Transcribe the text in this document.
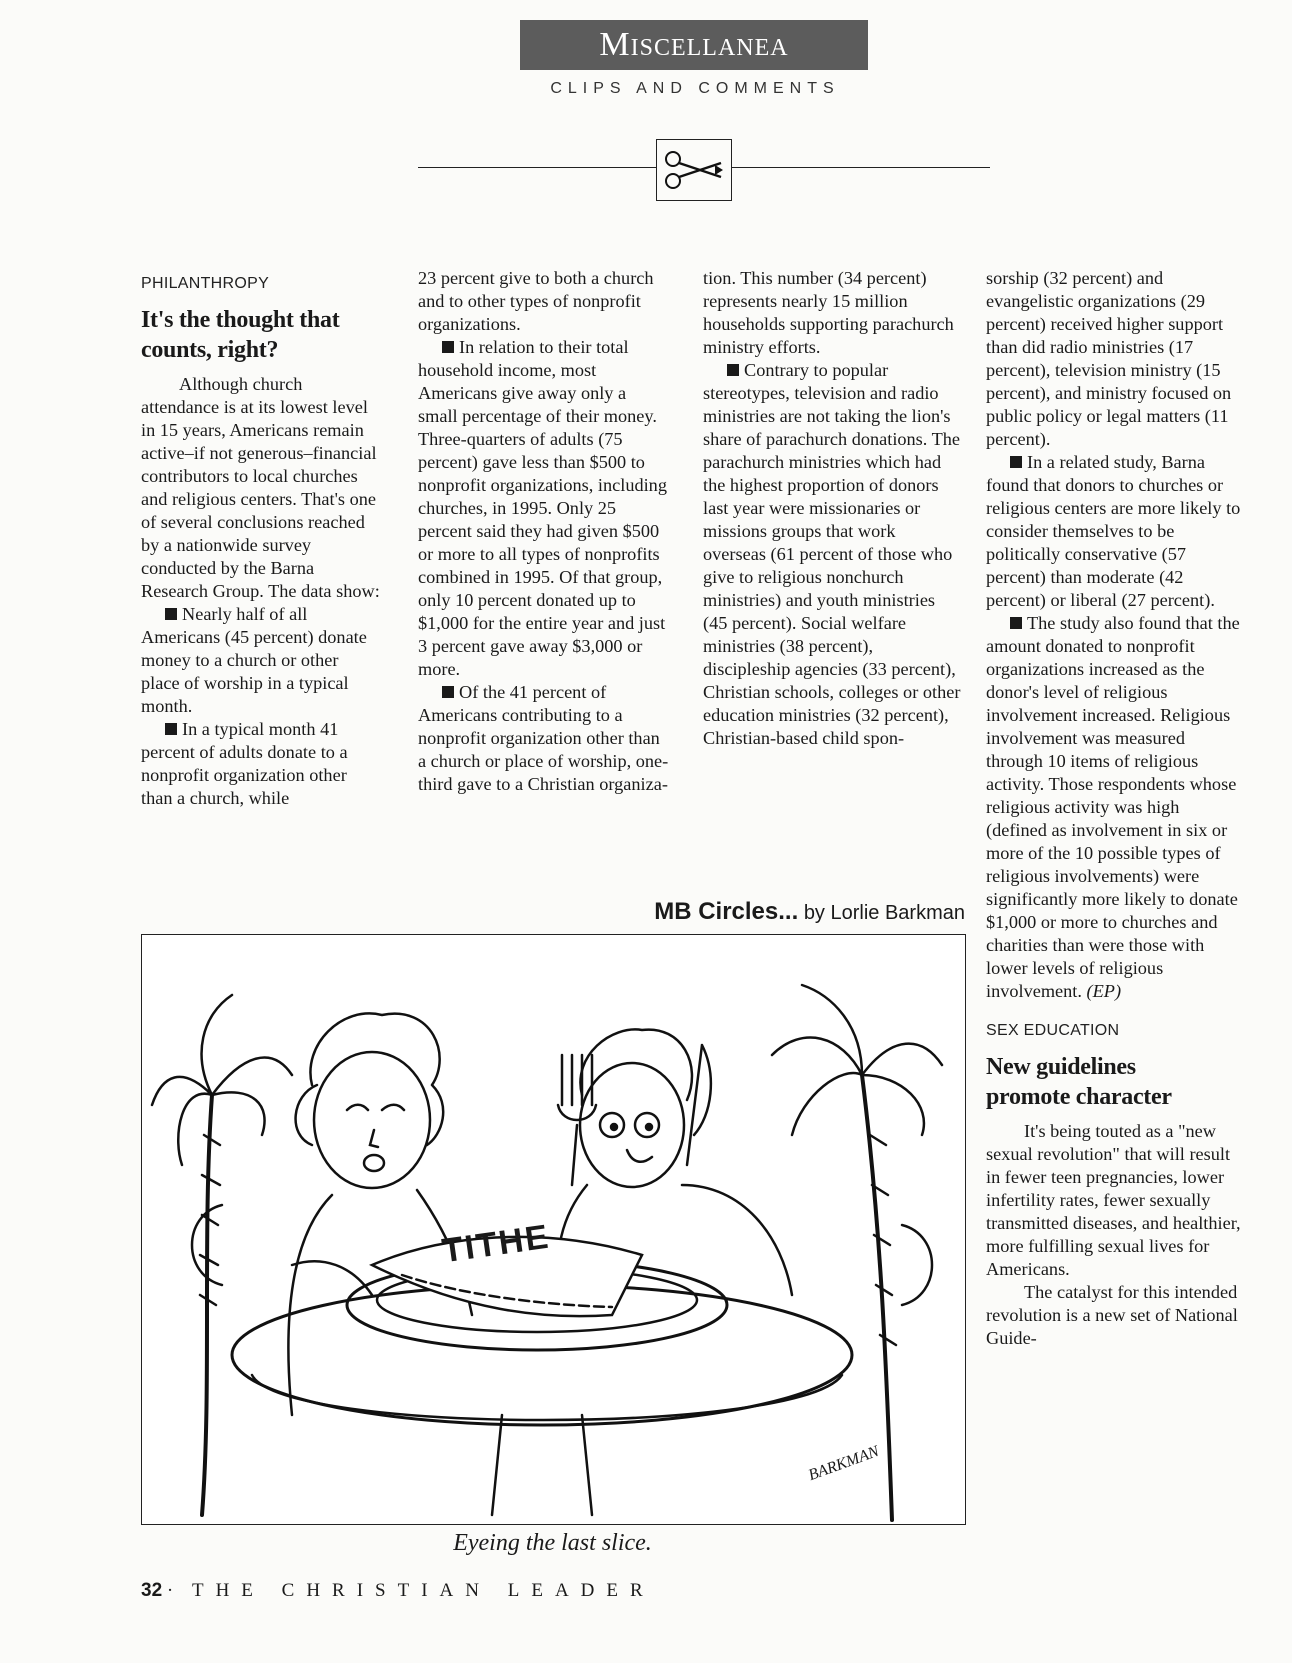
Miscellanea
CLIPS AND COMMENTS
PHILANTHROPY
It's the thought that counts, right?

Although church attendance is at its lowest level in 15 years, Americans remain active–if not generous–financial contributors to local churches and religious centers. That's one of several conclusions reached by a nationwide survey conducted by the Barna Research Group. The data show:

Nearly half of all Americans (45 percent) donate money to a church or other place of worship in a typical month.

In a typical month 41 percent of adults donate to a nonprofit organization other than a church, while

23 percent give to both a church and to other types of nonprofit organizations.

In relation to their total household income, most Americans give away only a small percentage of their money. Three-quarters of adults (75 percent) gave less than $500 to nonprofit organizations, including churches, in 1995. Only 25 percent said they had given $500 or more to all types of nonprofits combined in 1995. Of that group, only 10 percent donated up to $1,000 for the entire year and just 3 percent gave away $3,000 or more.

Of the 41 percent of Americans contributing to a nonprofit organization other than a church or place of worship, one-third gave to a Christian organiza-

tion. This number (34 percent) represents nearly 15 million households supporting parachurch ministry efforts.

Contrary to popular stereotypes, television and radio ministries are not taking the lion's share of parachurch donations. The parachurch ministries which had the highest proportion of donors last year were missionaries or missions groups that work overseas (61 percent of those who give to religious nonchurch ministries) and youth ministries (45 percent). Social welfare ministries (38 percent), discipleship agencies (33 percent), Christian schools, colleges or other education ministries (32 percent), Christian-based child spon-

sorship (32 percent) and evangelistic organizations (29 percent) received higher support than did radio ministries (17 percent), television ministry (15 percent), and ministry focused on public policy or legal matters (11 percent).

In a related study, Barna found that donors to churches or religious centers are more likely to consider themselves to be politically conservative (57 percent) than moderate (42 percent) or liberal (27 percent).

The study also found that the amount donated to nonprofit organizations increased as the donor's level of religious involvement increased. Religious involvement was measured through 10 items of religious activity. Those respondents whose religious activity was high (defined as involvement in six or more of the 10 possible types of religious involvements) were significantly more likely to donate $1,000 or more to churches and charities than were those with lower levels of religious involvement. (EP)

SEX EDUCATION
New guidelines promote character

It's being touted as a "new sexual revolution" that will result in fewer teen pregnancies, lower infertility rates, fewer sexually transmitted diseases, and healthier, more fulfilling sexual lives for Americans.

The catalyst for this intended revolution is a new set of National Guide-

MB Circles... by Lorlie Barkman
TITHE
BARKMAN
Eyeing the last slice.
32 · THE CHRISTIAN LEADER
